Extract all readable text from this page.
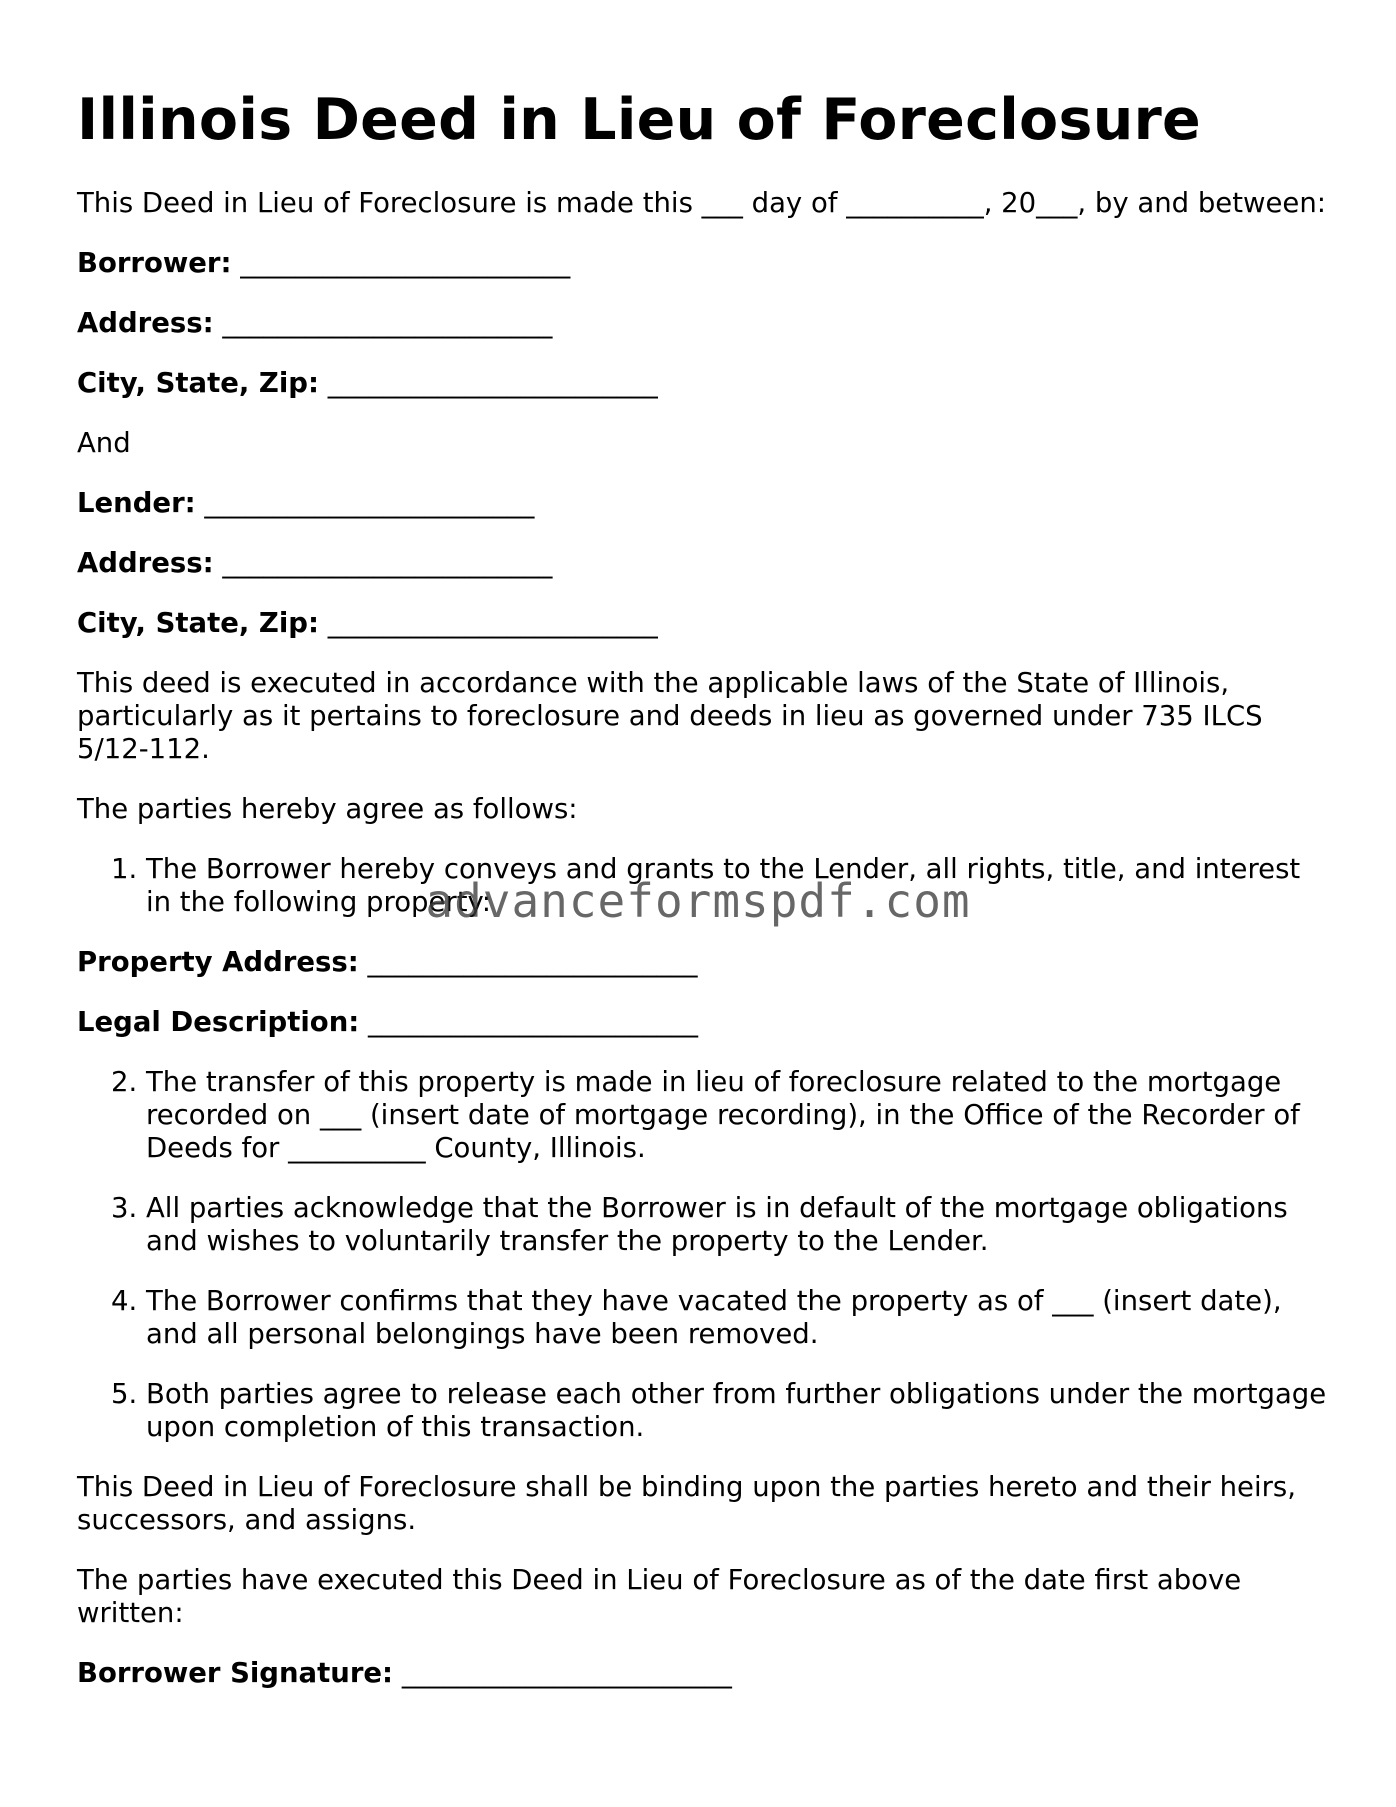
Illinois Deed in Lieu of Foreclosure

This Deed in Lieu of Foreclosure is made this ___ day of __________, 20___, by and between:

Borrower: ________________________

Address: ________________________

City, State, Zip: ________________________

And

Lender: ________________________

Address: ________________________

City, State, Zip: ________________________

This deed is executed in accordance with the applicable laws of the State of Illinois, particularly as it pertains to foreclosure and deeds in lieu as governed under 735 ILCS 5/12-112.

The parties hereby agree as follows:

1. The Borrower hereby conveys and grants to the Lender, all rights, title, and interest in the following property:

Property Address: ________________________

Legal Description: ________________________

2. The transfer of this property is made in lieu of foreclosure related to the mortgage recorded on ___ (insert date of mortgage recording), in the Office of the Recorder of Deeds for __________ County, Illinois.
3. All parties acknowledge that the Borrower is in default of the mortgage obligations and wishes to voluntarily transfer the property to the Lender.
4. The Borrower confirms that they have vacated the property as of ___ (insert date), and all personal belongings have been removed.
5. Both parties agree to release each other from further obligations under the mortgage upon completion of this transaction.

This Deed in Lieu of Foreclosure shall be binding upon the parties hereto and their heirs, successors, and assigns.

The parties have executed this Deed in Lieu of Foreclosure as of the date first above written:

Borrower Signature: ________________________

advanceformspdf.com
